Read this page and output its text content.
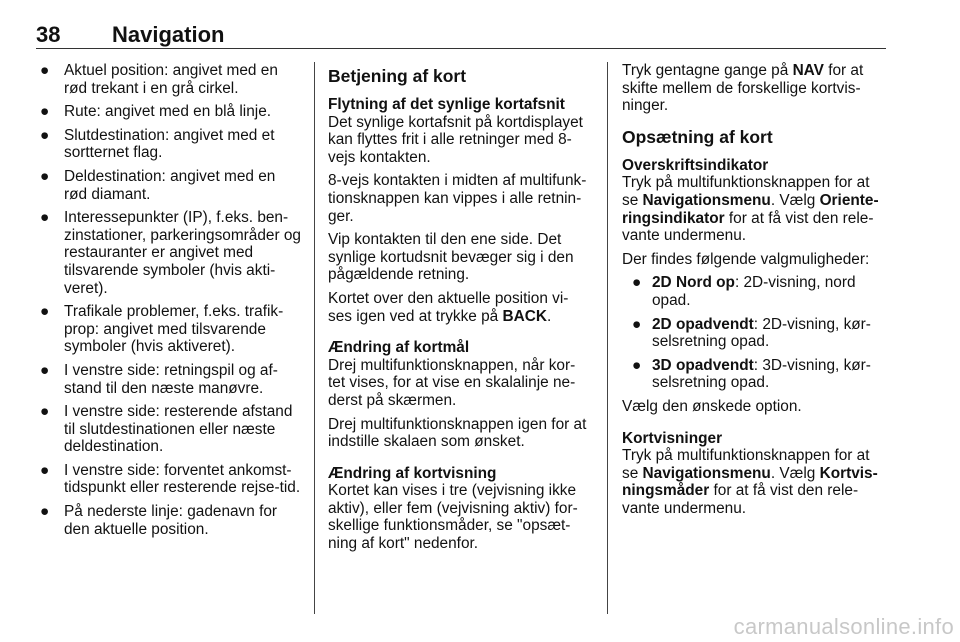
38 Navigation
● Aktuel position: angivet med en rød trekant i en grå cirkel.
● Rute: angivet med en blå linje.
● Slutdestination: angivet med et sortternet flag.
● Deldestination: angivet med en rød diamant.
● Interessepunkter (IP), f.eks. ben‐zinstationer, parkeringsområder og restauranter er angivet med tilsvarende symboler (hvis akti‐veret).
● Trafikale problemer, f.eks. trafik‐prop: angivet med tilsvarende symboler (hvis aktiveret).
● I venstre side: retningspil og af‐stand til den næste manøvre.
● I venstre side: resterende afstand til slutdestinationen eller næste deldestination.
● I venstre side: forventet ankomst‐tidspunkt eller resterende rejse‐tid.
● På nederste linje: gadenavn for den aktuelle position.
Betjening af kort
Flytning af det synlige kortafsnit

Det synlige kortafsnit på kortdisplayet kan flyttes frit i alle retninger med 8-vejs kontakten.

8-vejs kontakten i midten af multifunk‐tionsknappen kan vippes i alle retnin‐ger.

Vip kontakten til den ene side. Det synlige kortudsnit bevæger sig i den pågældende retning.

Kortet over den aktuelle position vi‐ses igen ved at trykke på BACK.

Ændring af kortmål

Drej multifunktionsknappen, når kor‐tet vises, for at vise en skalalinje ne‐derst på skærmen.

Drej multifunktionsknappen igen for at indstille skalaen som ønsket.

Ændring af kortvisning

Kortet kan vises i tre (vejvisning ikke aktiv), eller fem (vejvisning aktiv) for‐skellige funktionsmåder, se "opsæt‐ning af kort" nedenfor.

Tryk gentagne gange på NAV for at skifte mellem de forskellige kortvis‐ninger.

Opsætning af kort
Overskriftsindikator

Tryk på multifunktionsknappen for at se Navigationsmenu. Vælg Oriente‐ringsindikator for at få vist den rele‐vante undermenu.

Der findes følgende valgmuligheder:

● 2D Nord op: 2D-visning, nord opad.
● 2D opadvendt: 2D-visning, kør‐selsretning opad.
● 3D opadvendt: 3D-visning, kør‐selsretning opad.

Vælg den ønskede option.

Kortvisninger

Tryk på multifunktionsknappen for at se Navigationsmenu. Vælg Kortvis‐ningsmåder for at få vist den rele‐vante undermenu.

carmanualsonline.info
